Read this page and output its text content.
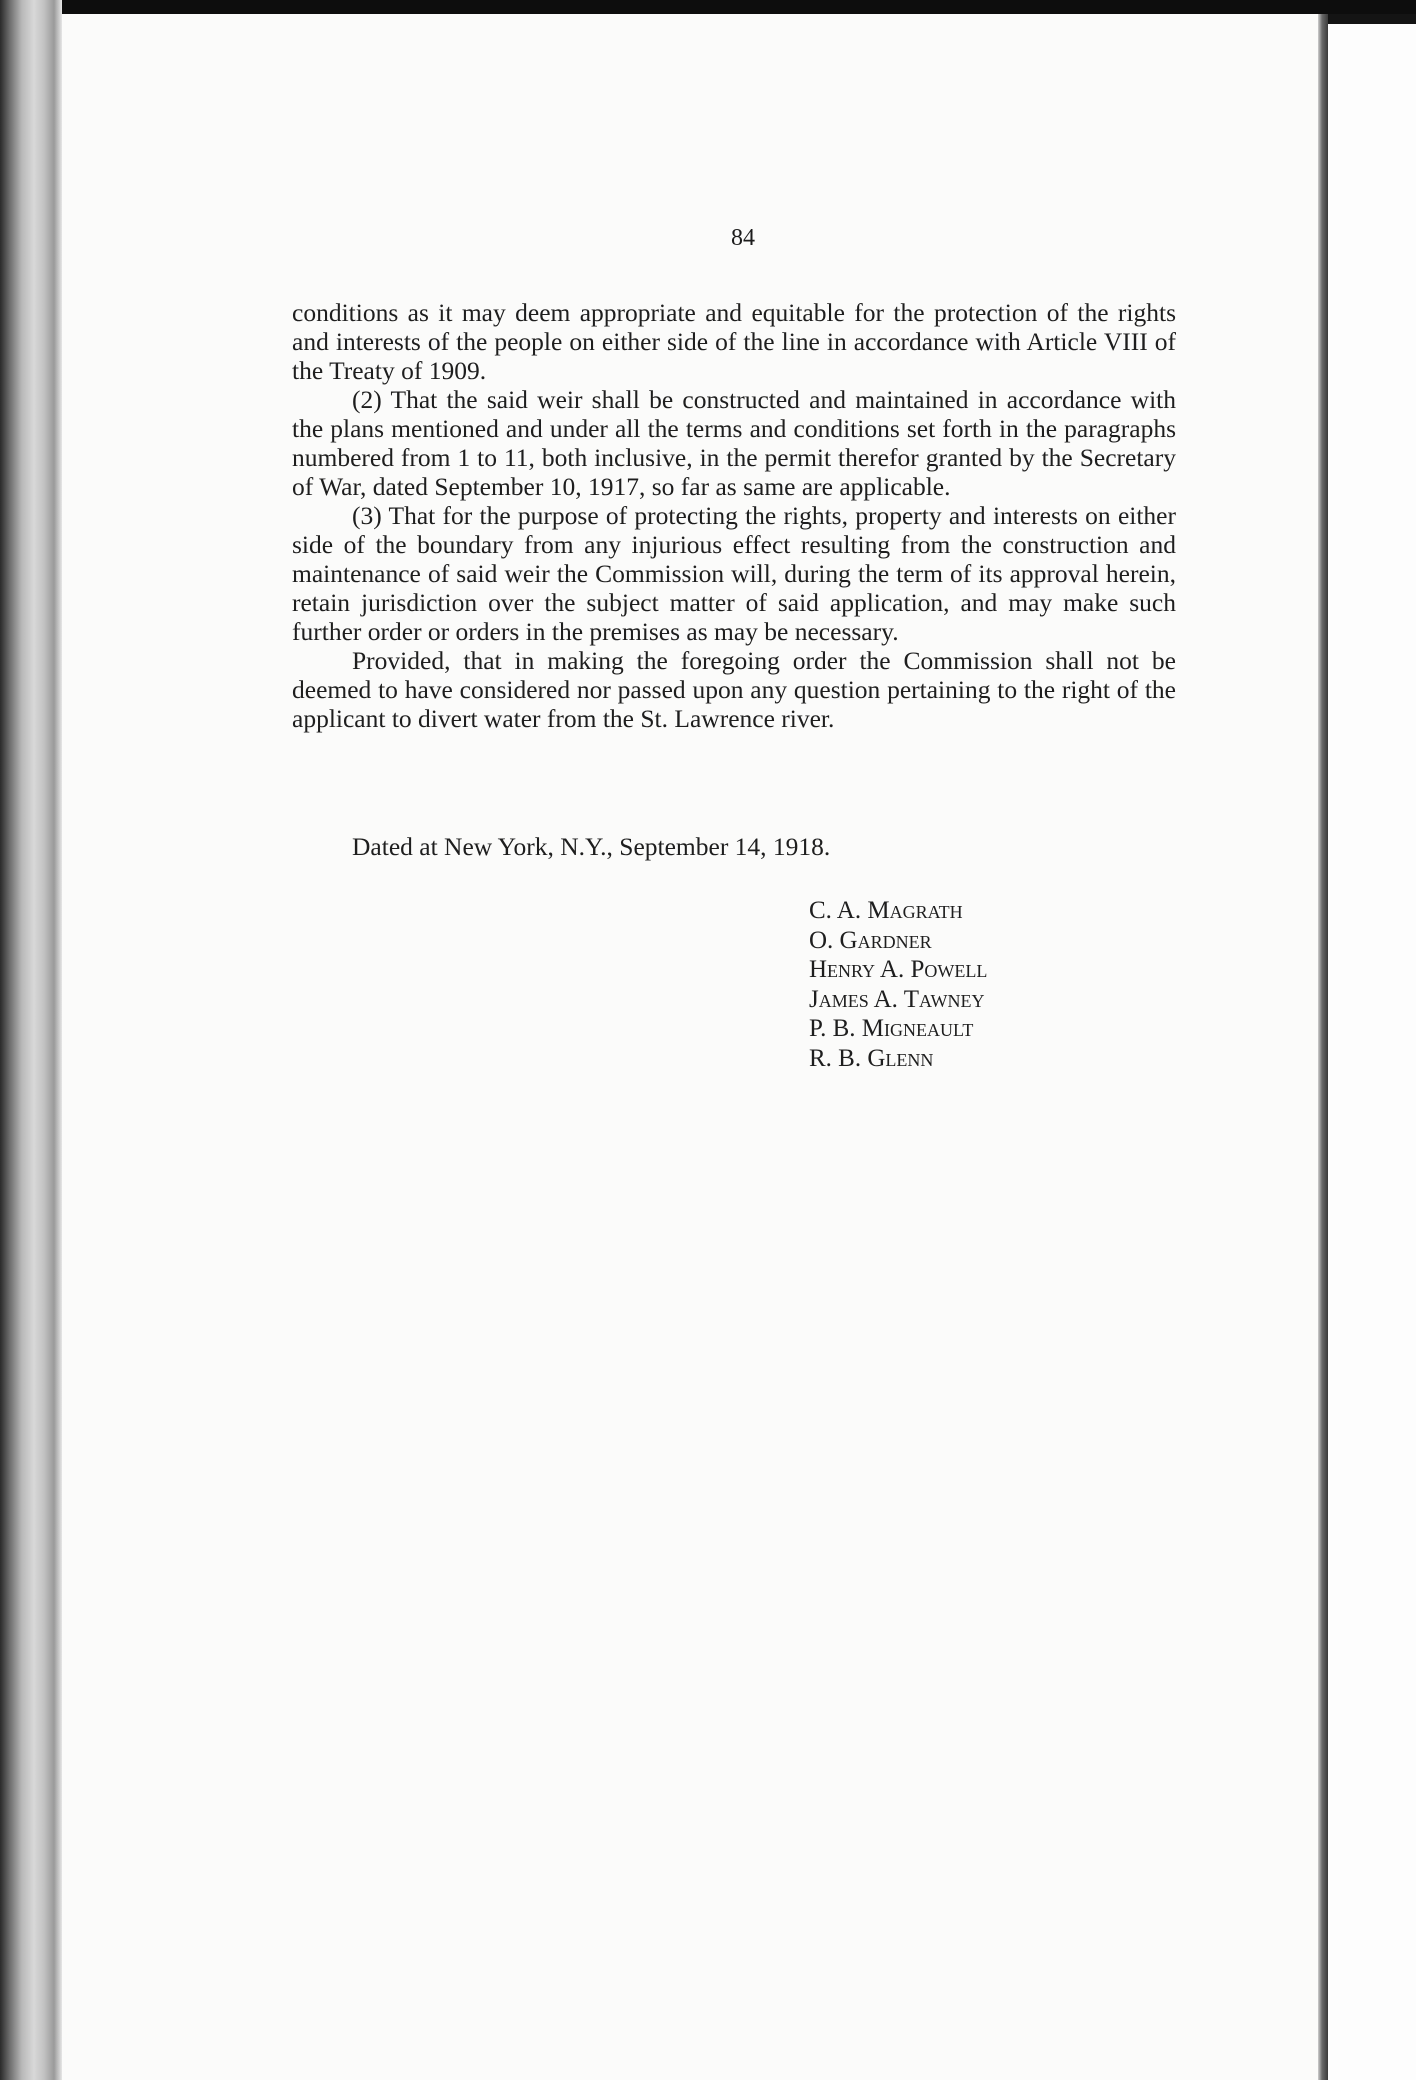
84

conditions as it may deem appropriate and equitable for the protection of the rights and interests of the people on either side of the line in accordance with Article VIII of the Treaty of 1909.

(2) That the said weir shall be constructed and maintained in accordance with the plans mentioned and under all the terms and conditions set forth in the paragraphs numbered from 1 to 11, both inclusive, in the permit therefor granted by the Secretary of War, dated September 10, 1917, so far as same are applicable.

(3) That for the purpose of protecting the rights, property and interests on either side of the boundary from any injurious effect resulting from the construction and maintenance of said weir the Commission will, during the term of its approval herein, retain jurisdiction over the subject matter of said application, and may make such further order or orders in the premises as may be necessary.

Provided, that in making the foregoing order the Commission shall not be deemed to have considered nor passed upon any question pertaining to the right of the applicant to divert water from the St. Lawrence river.

Dated at New York, N.Y., September 14, 1918.
C. A. Magrath
O. Gardner
Henry A. Powell
James A. Tawney
P. B. Migneault
R. B. Glenn
